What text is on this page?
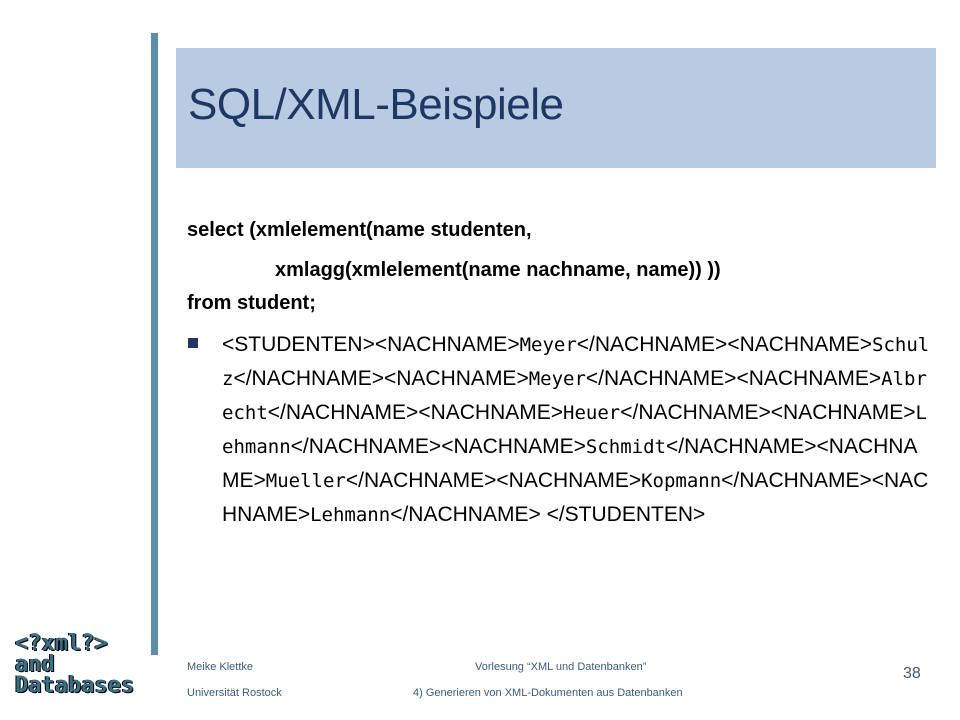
SQL/XML-Beispiele

select (xmlelement(name studenten,

xmlagg(xmlelement(name nachname, name)) ))

from student;

<STUDENTEN><NACHNAME>Meyer</NACHNAME><NACHNAME>Schulz</NACHNAME><NACHNAME>Meyer</NACHNAME><NACHNAME>Albrecht</NACHNAME><NACHNAME>Heuer</NACHNAME><NACHNAME>Lehmann</NACHNAME><NACHNAME>Schmidt</NACHNAME><NACHNAME>Mueller</NACHNAME><NACHNAME>Kopmann</NACHNAME><NACHNAME>Lehmann</NACHNAME> </STUDENTEN>
<?xml?>
and
Databases
Meike Klettke
Universität Rostock
Vorlesung “XML und Datenbanken”
4) Generieren von XML-Dokumenten aus Datenbanken
38
